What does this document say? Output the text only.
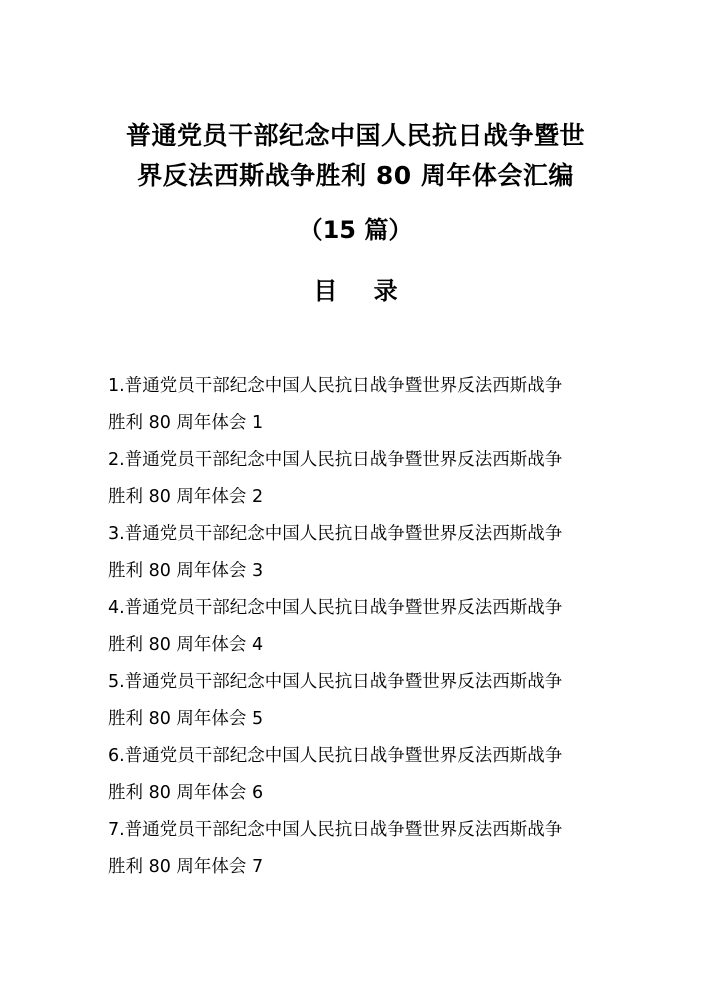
普通党员干部纪念中国人民抗日战争暨世
界反法西斯战争胜利 80 周年体会汇编
（15 篇）
目 录
1.普通党员干部纪念中国人民抗日战争暨世界反法西斯战争
胜利 80 周年体会 1
2.普通党员干部纪念中国人民抗日战争暨世界反法西斯战争
胜利 80 周年体会 2
3.普通党员干部纪念中国人民抗日战争暨世界反法西斯战争
胜利 80 周年体会 3
4.普通党员干部纪念中国人民抗日战争暨世界反法西斯战争
胜利 80 周年体会 4
5.普通党员干部纪念中国人民抗日战争暨世界反法西斯战争
胜利 80 周年体会 5
6.普通党员干部纪念中国人民抗日战争暨世界反法西斯战争
胜利 80 周年体会 6
7.普通党员干部纪念中国人民抗日战争暨世界反法西斯战争
胜利 80 周年体会 7
